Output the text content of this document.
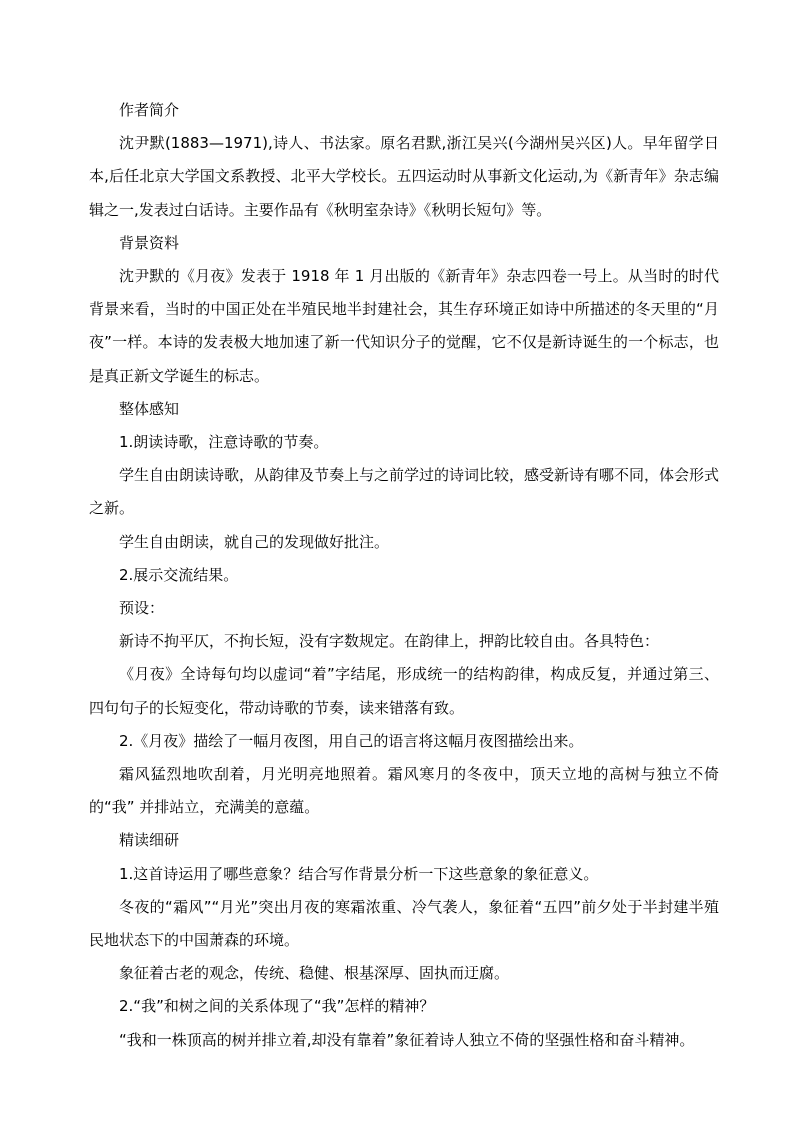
作者简介

沈尹默(1883—1971),诗人、书法家。原名君默,浙江吴兴(今湖州吴兴区)人。早年留学日本,后任北京大学国文系教授、北平大学校长。五四运动时从事新文化运动,为《新青年》杂志编辑之一,发表过白话诗。主要作品有《秋明室杂诗》《秋明长短句》等。

背景资料

沈尹默的《月夜》发表于 1918 年 1 月出版的《新青年》杂志四卷一号上。从当时的时代背景来看，当时的中国正处在半殖民地半封建社会，其生存环境正如诗中所描述的冬天里的“月夜”一样。本诗的发表极大地加速了新一代知识分子的觉醒，它不仅是新诗诞生的一个标志，也是真正新文学诞生的标志。

整体感知

1.朗读诗歌，注意诗歌的节奏。

学生自由朗读诗歌，从韵律及节奏上与之前学过的诗词比较，感受新诗有哪不同，体会形式之新。

学生自由朗读，就自己的发现做好批注。

2.展示交流结果。

预设：

新诗不拘平仄，不拘长短，没有字数规定。在韵律上，押韵比较自由。各具特色：

《月夜》全诗每句均以虚词“着”字结尾，形成统一的结构韵律，构成反复，并通过第三、四句句子的长短变化，带动诗歌的节奏，读来错落有致。

2.《月夜》描绘了一幅月夜图，用自己的语言将这幅月夜图描绘出来。

霜风猛烈地吹刮着，月光明亮地照着。霜风寒月的冬夜中，顶天立地的高树与独立不倚的“我” 并排站立，充满美的意蕴。

精读细研

1.这首诗运用了哪些意象？结合写作背景分析一下这些意象的象征意义。

冬夜的“霜风”“月光”突出月夜的寒霜浓重、冷气袭人，象征着“五四”前夕处于半封建半殖民地状态下的中国萧森的环境。

象征着古老的观念，传统、稳健、根基深厚、固执而迂腐。

2.“我”和树之间的关系体现了“我”怎样的精神？

“我和一株顶高的树并排立着,却没有靠着”象征着诗人独立不倚的坚强性格和奋斗精神。
